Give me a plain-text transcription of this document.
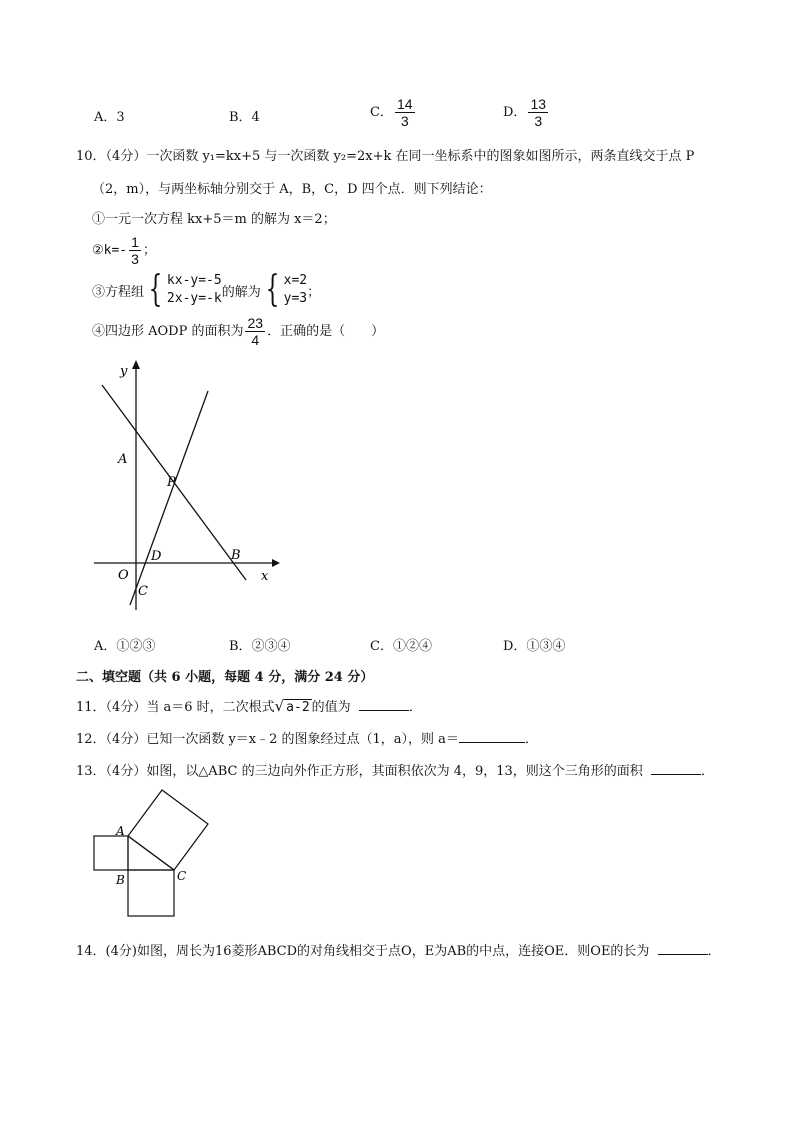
A．3	B．4	C． $\frac{14}{3}$	D． $\frac{13}{3}$
10．（4分）一次函数 y₁=kx+5 与一次函数 y₂=2x+k 在同一坐标系中的图象如图所示，两条直线交于点 P
（2，m），与两坐标轴分别交于 A，B，C，D 四个点．则下列结论：
①一元一次方程 kx+5＝m 的解为 x＝2；
②k=- $\frac{1}{3}$ ；
③方程组 { kx-y=-5
2x-y=-k 的解为 { x=2
y=3 ；
④四边形 AODP 的面积为 $\frac{23}{4}$ ．正确的是（　　）
y
x
A
P
D	B
O
C
A．①②③	B．②③④	C．①②④	D．①③④
二、填空题（共 6 小题，每题 4 分，满分 24 分）
11．（4分）当 a＝6 时，二次根式√ a-2 的值为	．
12．（4分）已知一次函数 y＝x﹣2 的图象经过点（1，a），则 a＝	．
13．（4分）如图，以△ABC 的三边向外作正方形，其面积依次为 4，9，13，则这个三角形的面积	．
A
B	C
14．(4分)如图，周长为16菱形ABCD的对角线相交于点O，E为AB的中点，连接OE．则OE的长为	．
